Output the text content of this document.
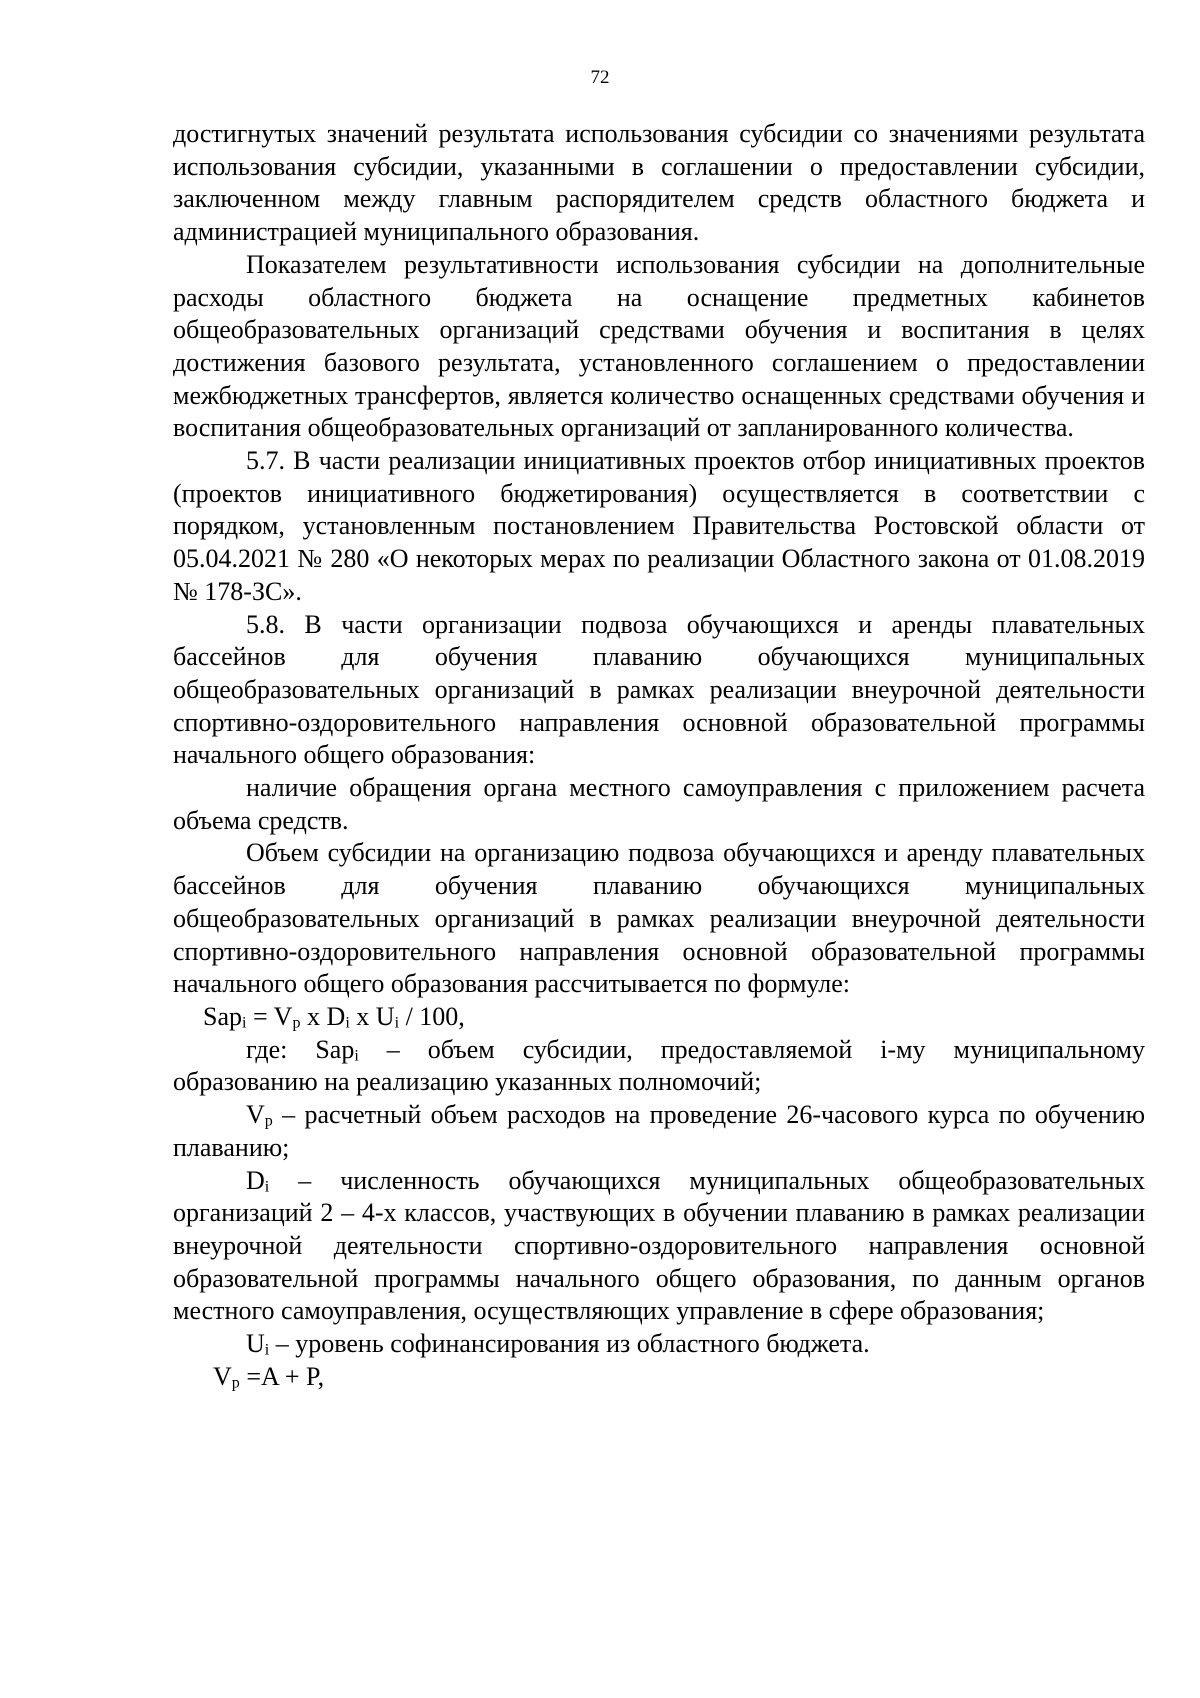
72

достигнутых значений результата использования субсидии со значениями результата использования субсидии, указанными в соглашении о предоставлении субсидии, заключенном между главным распорядителем средств областного бюджета и администрацией муниципального образования.

Показателем результативности использования субсидии на дополнительные расходы областного бюджета на оснащение предметных кабинетов общеобразовательных организаций средствами обучения и воспитания в целях достижения базового результата, установленного соглашением о предоставлении межбюджетных трансфертов, является количество оснащенных средствами обучения и воспитания общеобразовательных организаций от запланированного количества.

5.7. В части реализации инициативных проектов отбор инициативных проектов (проектов инициативного бюджетирования) осуществляется в соответствии с порядком, установленным постановлением Правительства Ростовской области от 05.04.2021 № 280 «О некоторых мерах по реализации Областного закона от 01.08.2019 № 178-ЗС».

5.8. В части организации подвоза обучающихся и аренды плавательных бассейнов для обучения плаванию обучающихся муниципальных общеобразовательных организаций в рамках реализации внеурочной деятельности спортивно-оздоровительного направления основной образовательной программы начального общего образования:

наличие обращения органа местного самоуправления с приложением расчета объема средств.

Объем субсидии на организацию подвоза обучающихся и аренду плавательных бассейнов для обучения плаванию обучающихся муниципальных общеобразовательных организаций в рамках реализации внеурочной деятельности спортивно-оздоровительного направления основной образовательной программы начального общего образования рассчитывается по формуле:

$Sap_i = V_p$ x $D_i$ x $U_i / 100$,

где: Sap$_i$ – объем субсидии, предоставляемой i-му муниципальному образованию на реализацию указанных полномочий;

$V_p$ – расчетный объем расходов на проведение 26-часового курса по обучению плаванию;

$D_i$ – численность обучающихся муниципальных общеобразовательных организаций 2 – 4-х классов, участвующих в обучении плаванию в рамках реализации внеурочной деятельности спортивно-оздоровительного направления основной образовательной программы начального общего образования, по данным органов местного самоуправления, осуществляющих управление в сфере образования;

$U_i$ – уровень софинансирования из областного бюджета.

$V_p =A + P$,
